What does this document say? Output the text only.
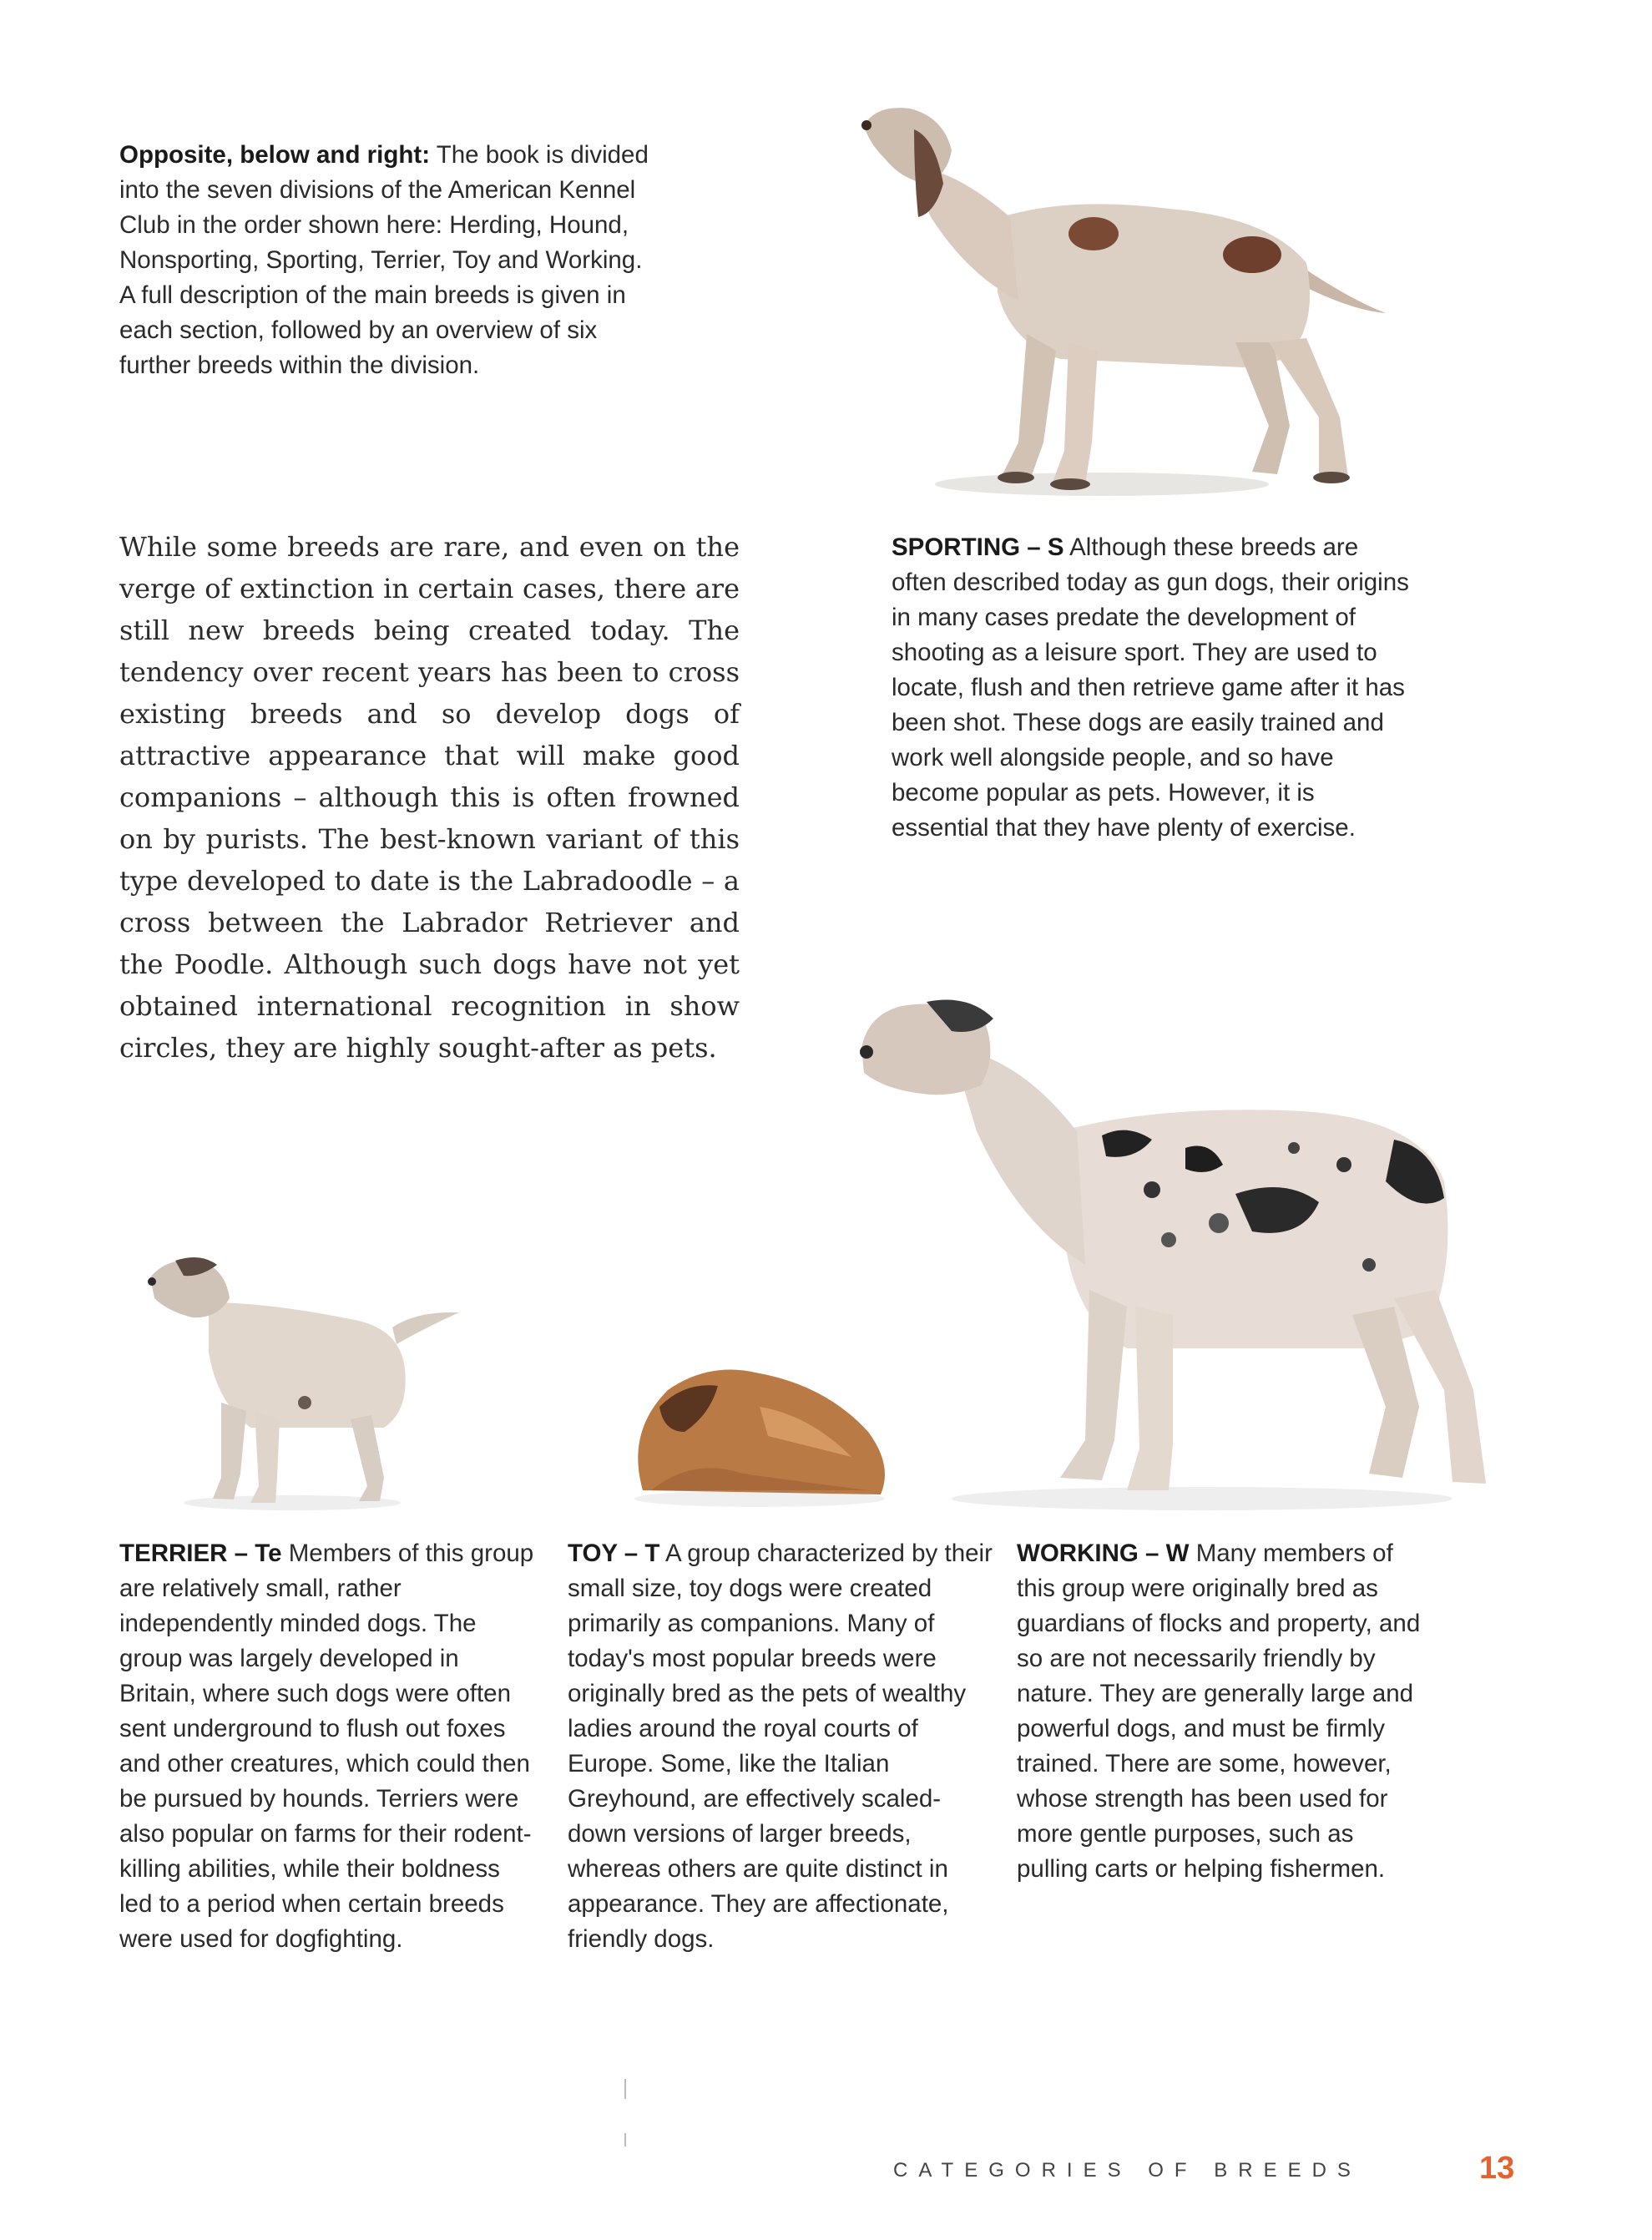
Opposite, below and right: The book is divided into the seven divisions of the American Kennel Club in the order shown here: Herding, Hound, Nonsporting, Sporting, Terrier, Toy and Working. A full description of the main breeds is given in each section, followed by an overview of six further breeds within the division.
While some breeds are rare, and even on the verge of extinction in certain cases, there are still new breeds being created today. The tendency over recent years has been to cross existing breeds and so develop dogs of attractive appearance that will make good companions – although this is often frowned on by purists. The best-known variant of this type developed to date is the Labradoodle – a cross between the Labrador Retriever and the Poodle. Although such dogs have not yet obtained international recognition in show circles, they are highly sought-after as pets.
SPORTING – S Although these breeds are often described today as gun dogs, their origins in many cases predate the development of shooting as a leisure sport. They are used to locate, flush and then retrieve game after it has been shot. These dogs are easily trained and work well alongside people, and so have become popular as pets. However, it is essential that they have plenty of exercise.
TERRIER – Te Members of this group are relatively small, rather independently minded dogs. The group was largely developed in Britain, where such dogs were often sent underground to flush out foxes and other creatures, which could then be pursued by hounds. Terriers were also popular on farms for their rodent-killing abilities, while their boldness led to a period when certain breeds were used for dogfighting.
TOY – T A group characterized by their small size, toy dogs were created primarily as companions. Many of today's most popular breeds were originally bred as the pets of wealthy ladies around the royal courts of Europe. Some, like the Italian Greyhound, are effectively scaled-down versions of larger breeds, whereas others are quite distinct in appearance. They are affectionate, friendly dogs.
WORKING – W Many members of this group were originally bred as guardians of flocks and property, and so are not necessarily friendly by nature. They are generally large and powerful dogs, and must be firmly trained. There are some, however, whose strength has been used for more gentle purposes, such as pulling carts or helping fishermen.
CATEGORIES OF BREEDS	13
